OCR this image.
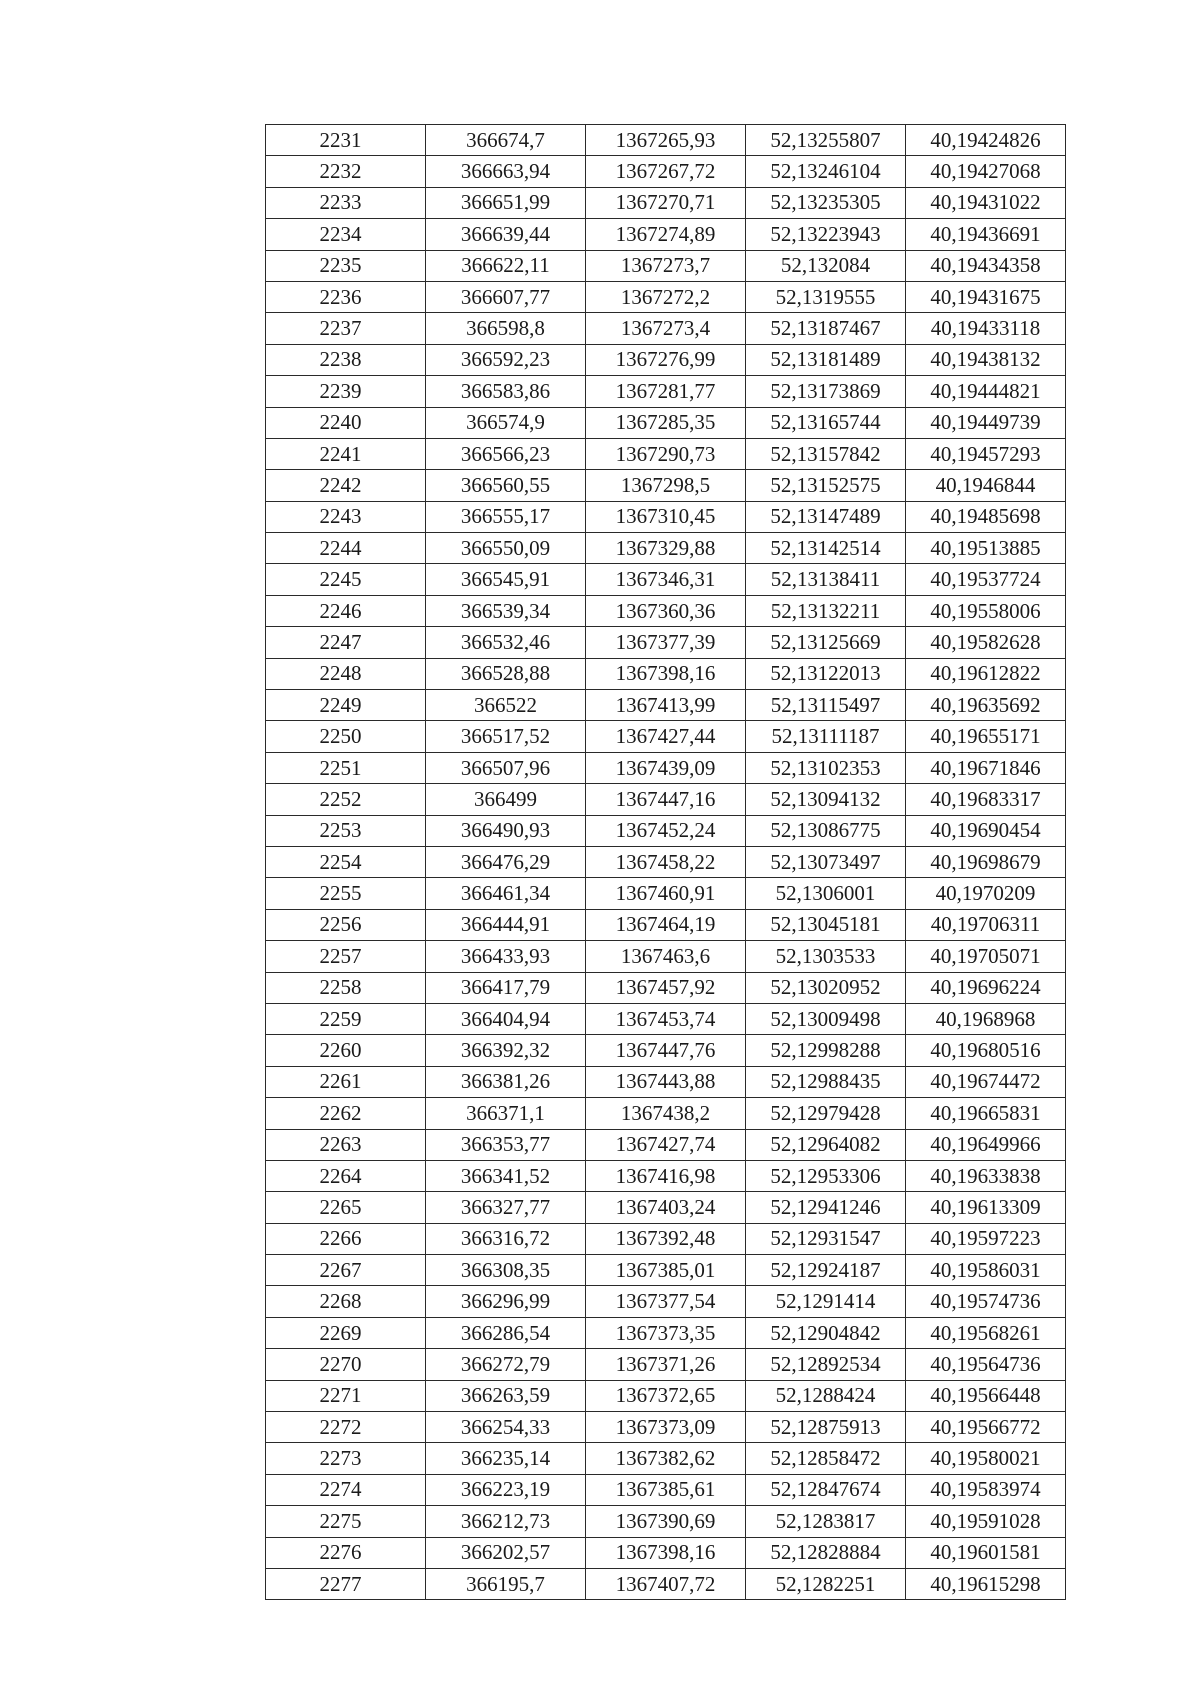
2231	366674,7	1367265,93	52,13255807	40,19424826
2232	366663,94	1367267,72	52,13246104	40,19427068
2233	366651,99	1367270,71	52,13235305	40,19431022
2234	366639,44	1367274,89	52,13223943	40,19436691
2235	366622,11	1367273,7	52,132084	40,19434358
2236	366607,77	1367272,2	52,1319555	40,19431675
2237	366598,8	1367273,4	52,13187467	40,19433118
2238	366592,23	1367276,99	52,13181489	40,19438132
2239	366583,86	1367281,77	52,13173869	40,19444821
2240	366574,9	1367285,35	52,13165744	40,19449739
2241	366566,23	1367290,73	52,13157842	40,19457293
2242	366560,55	1367298,5	52,13152575	40,1946844
2243	366555,17	1367310,45	52,13147489	40,19485698
2244	366550,09	1367329,88	52,13142514	40,19513885
2245	366545,91	1367346,31	52,13138411	40,19537724
2246	366539,34	1367360,36	52,13132211	40,19558006
2247	366532,46	1367377,39	52,13125669	40,19582628
2248	366528,88	1367398,16	52,13122013	40,19612822
2249	366522	1367413,99	52,13115497	40,19635692
2250	366517,52	1367427,44	52,13111187	40,19655171
2251	366507,96	1367439,09	52,13102353	40,19671846
2252	366499	1367447,16	52,13094132	40,19683317
2253	366490,93	1367452,24	52,13086775	40,19690454
2254	366476,29	1367458,22	52,13073497	40,19698679
2255	366461,34	1367460,91	52,1306001	40,1970209
2256	366444,91	1367464,19	52,13045181	40,19706311
2257	366433,93	1367463,6	52,1303533	40,19705071
2258	366417,79	1367457,92	52,13020952	40,19696224
2259	366404,94	1367453,74	52,13009498	40,1968968
2260	366392,32	1367447,76	52,12998288	40,19680516
2261	366381,26	1367443,88	52,12988435	40,19674472
2262	366371,1	1367438,2	52,12979428	40,19665831
2263	366353,77	1367427,74	52,12964082	40,19649966
2264	366341,52	1367416,98	52,12953306	40,19633838
2265	366327,77	1367403,24	52,12941246	40,19613309
2266	366316,72	1367392,48	52,12931547	40,19597223
2267	366308,35	1367385,01	52,12924187	40,19586031
2268	366296,99	1367377,54	52,1291414	40,19574736
2269	366286,54	1367373,35	52,12904842	40,19568261
2270	366272,79	1367371,26	52,12892534	40,19564736
2271	366263,59	1367372,65	52,1288424	40,19566448
2272	366254,33	1367373,09	52,12875913	40,19566772
2273	366235,14	1367382,62	52,12858472	40,19580021
2274	366223,19	1367385,61	52,12847674	40,19583974
2275	366212,73	1367390,69	52,1283817	40,19591028
2276	366202,57	1367398,16	52,12828884	40,19601581
2277	366195,7	1367407,72	52,1282251	40,19615298
